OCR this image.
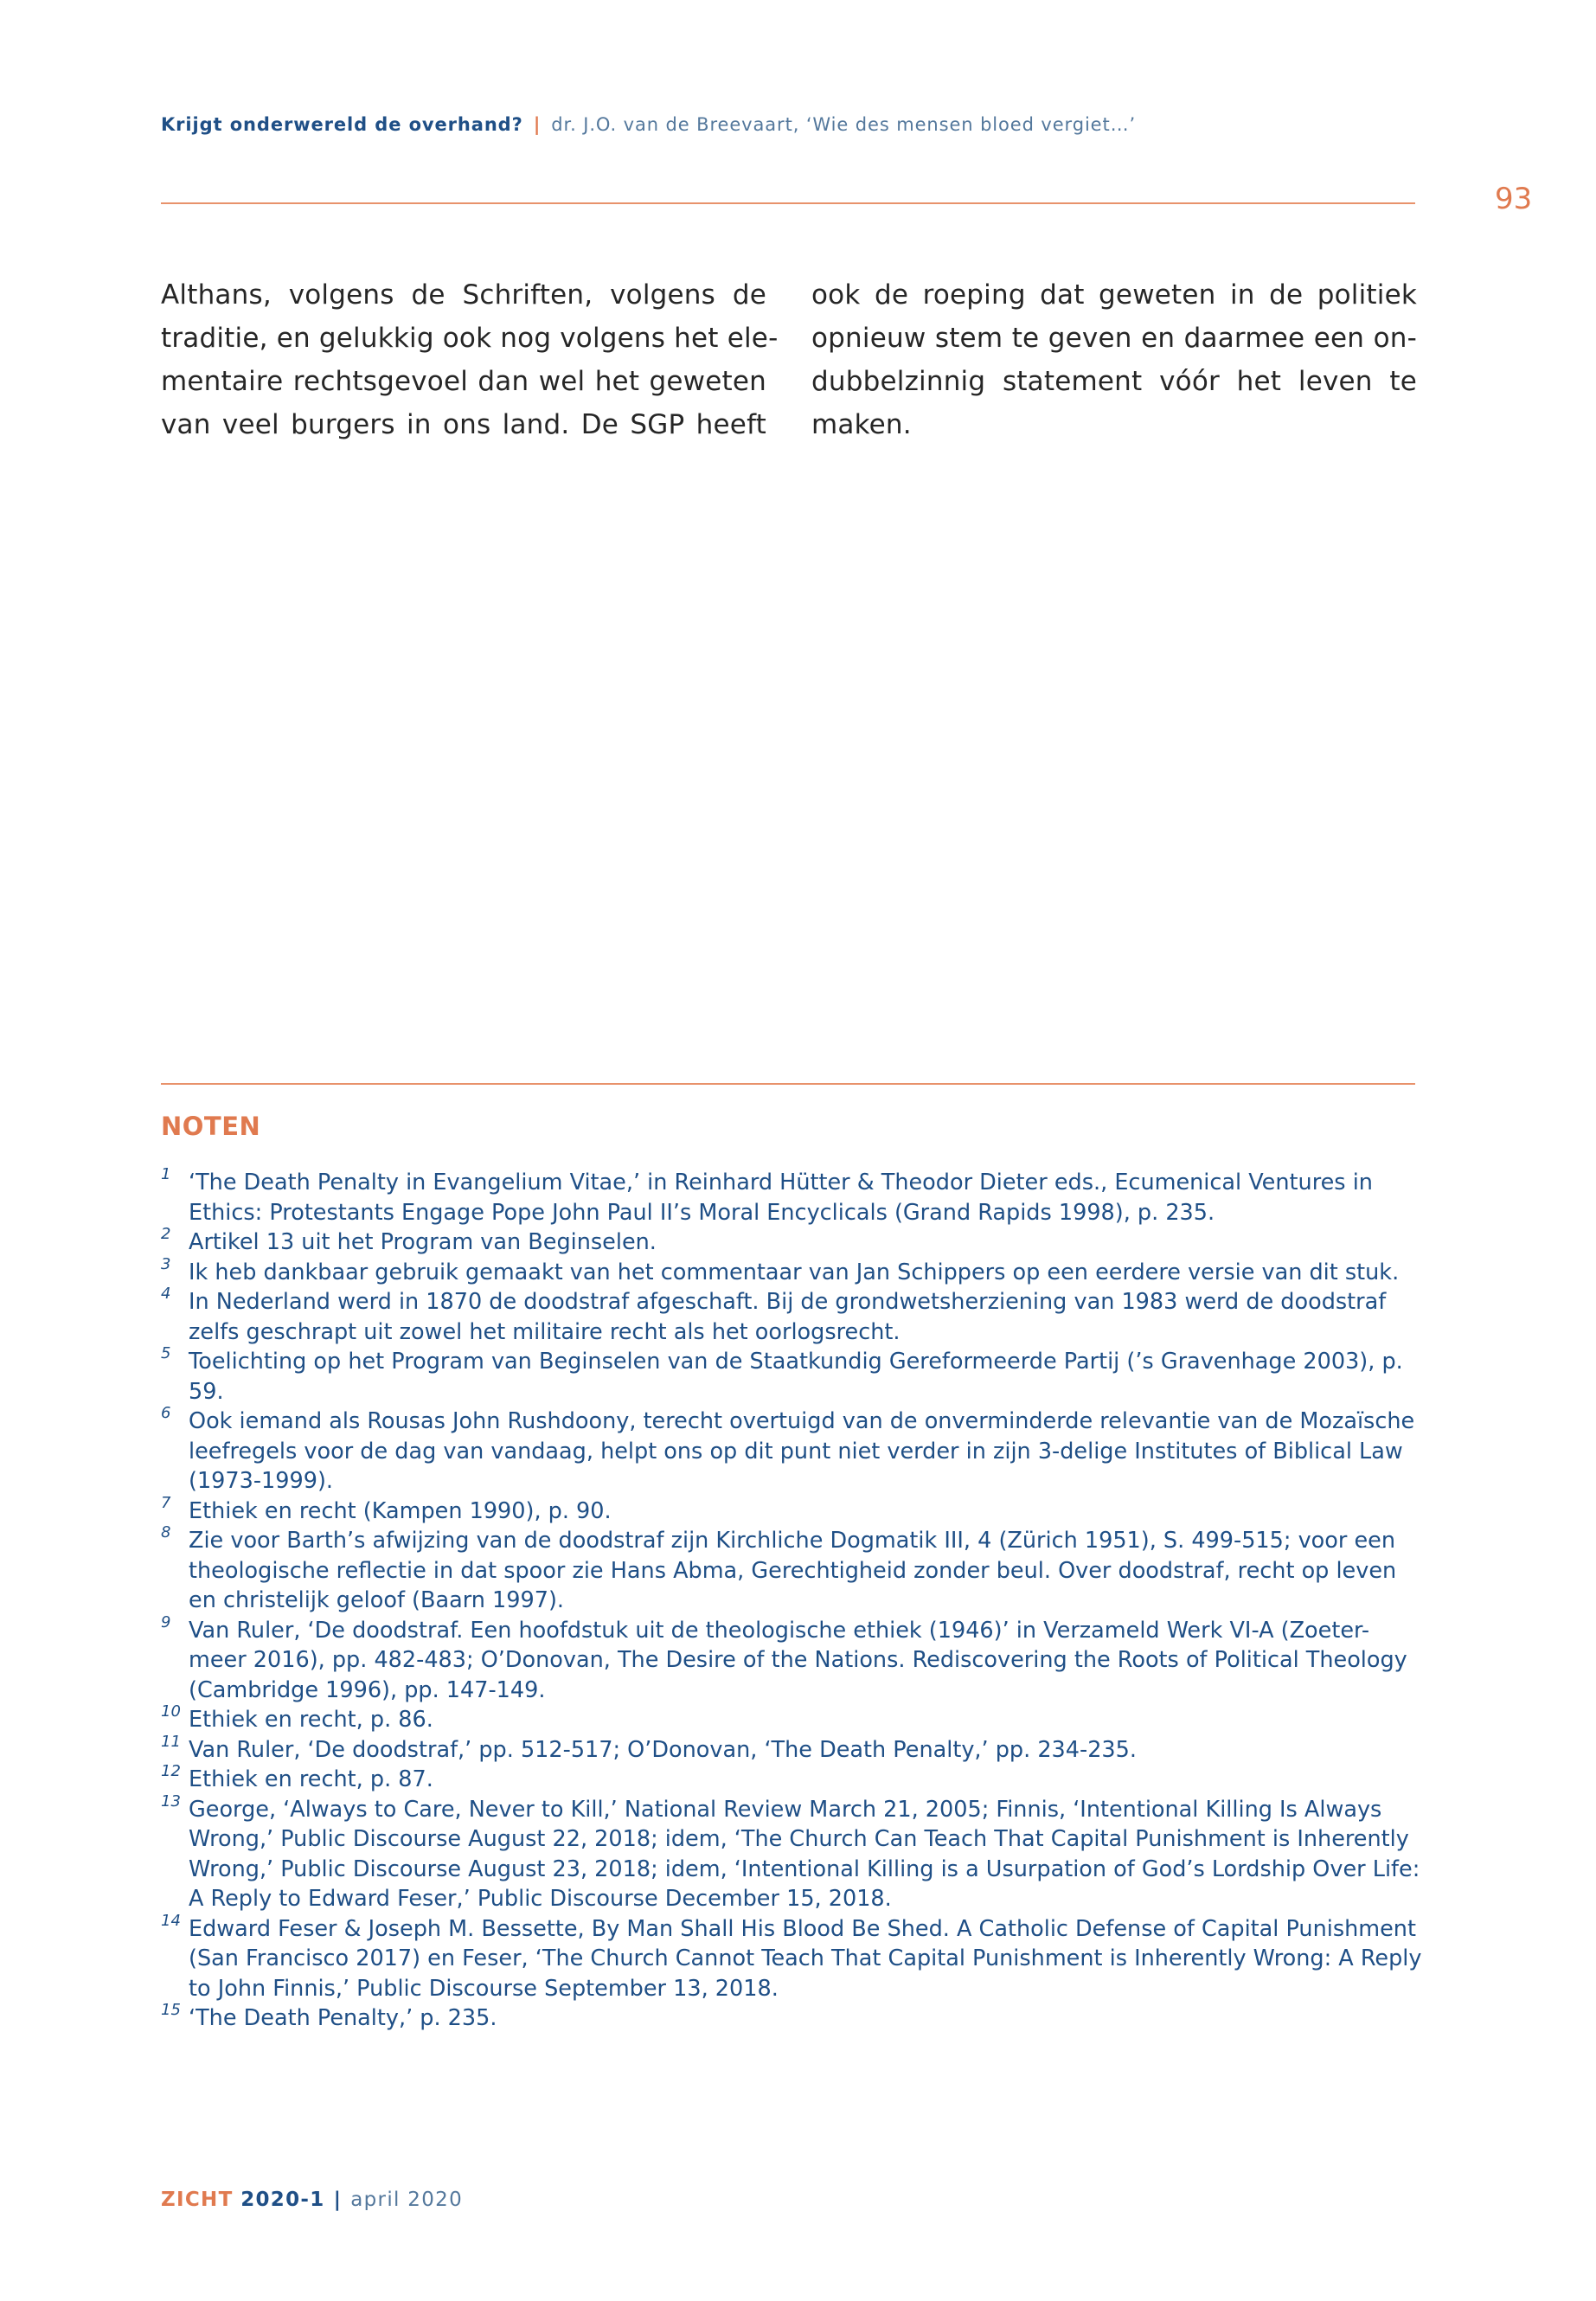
Krijgt onderwereld de overhand? | dr. J.O. van de Breevaart, ‘Wie des mensen bloed vergiet…’
93
Althans, volgens de Schriften, volgens de
traditie, en gelukkig ook nog volgens het ele-
mentaire rechtsgevoel dan wel het geweten
van veel burgers in ons land. De SGP heeft
ook de roeping dat geweten in de politiek
opnieuw stem te geven en daarmee een on-
dubbelzinnig statement vóór het leven te
maken.
NOTEN
1 ‘The Death Penalty in Evangelium Vitae,’ in Reinhard Hütter & Theodor Dieter eds., Ecumenical Ventures in Ethics: Protestants Engage Pope John Paul II’s Moral Encyclicals (Grand Rapids 1998), p. 235.
2 Artikel 13 uit het Program van Beginselen.
3 Ik heb dankbaar gebruik gemaakt van het commentaar van Jan Schippers op een eerdere versie van dit stuk.
4 In Nederland werd in 1870 de doodstraf afgeschaft. Bij de grondwetsherziening van 1983 werd de doodstraf zelfs geschrapt uit zowel het militaire recht als het oorlogsrecht.
5 Toelichting op het Program van Beginselen van de Staatkundig Gereformeerde Partij (’s Gravenhage 2003), p. 59.
6 Ook iemand als Rousas John Rushdoony, terecht overtuigd van de onverminderde relevantie van de Mozaïsche leefregels voor de dag van vandaag, helpt ons op dit punt niet verder in zijn 3-delige Institutes of Biblical Law (1973-1999).
7 Ethiek en recht (Kampen 1990), p. 90.
8 Zie voor Barth’s afwijzing van de doodstraf zijn Kirchliche Dogmatik III, 4 (Zürich 1951), S. 499-515; voor een theologische reflectie in dat spoor zie Hans Abma, Gerechtigheid zonder beul. Over doodstraf, recht op leven en christelijk geloof (Baarn 1997).
9 Van Ruler, ‘De doodstraf. Een hoofdstuk uit de theologische ethiek (1946)’ in Verzameld Werk VI-A (Zoeter-meer 2016), pp. 482-483; O’Donovan, The Desire of the Nations. Rediscovering the Roots of Political Theology (Cambridge 1996), pp. 147-149.
10 Ethiek en recht, p. 86.
11 Van Ruler, ‘De doodstraf,’ pp. 512-517; O’Donovan, ‘The Death Penalty,’ pp. 234-235.
12 Ethiek en recht, p. 87.
13 George, ‘Always to Care, Never to Kill,’ National Review March 21, 2005; Finnis, ‘Intentional Killing Is Always Wrong,’ Public Discourse August 22, 2018; idem, ‘The Church Can Teach That Capital Punishment is Inherently Wrong,’ Public Discourse August 23, 2018; idem, ‘Intentional Killing is a Usurpation of God’s Lordship Over Life: A Reply to Edward Feser,’ Public Discourse December 15, 2018.
14 Edward Feser & Joseph M. Bessette, By Man Shall His Blood Be Shed. A Catholic Defense of Capital Punishment (San Francisco 2017) en Feser, ‘The Church Cannot Teach That Capital Punishment is Inherently Wrong: A Reply to John Finnis,’ Public Discourse September 13, 2018.
15 ‘The Death Penalty,’ p. 235.
ZICHT 2020-1 | april 2020
